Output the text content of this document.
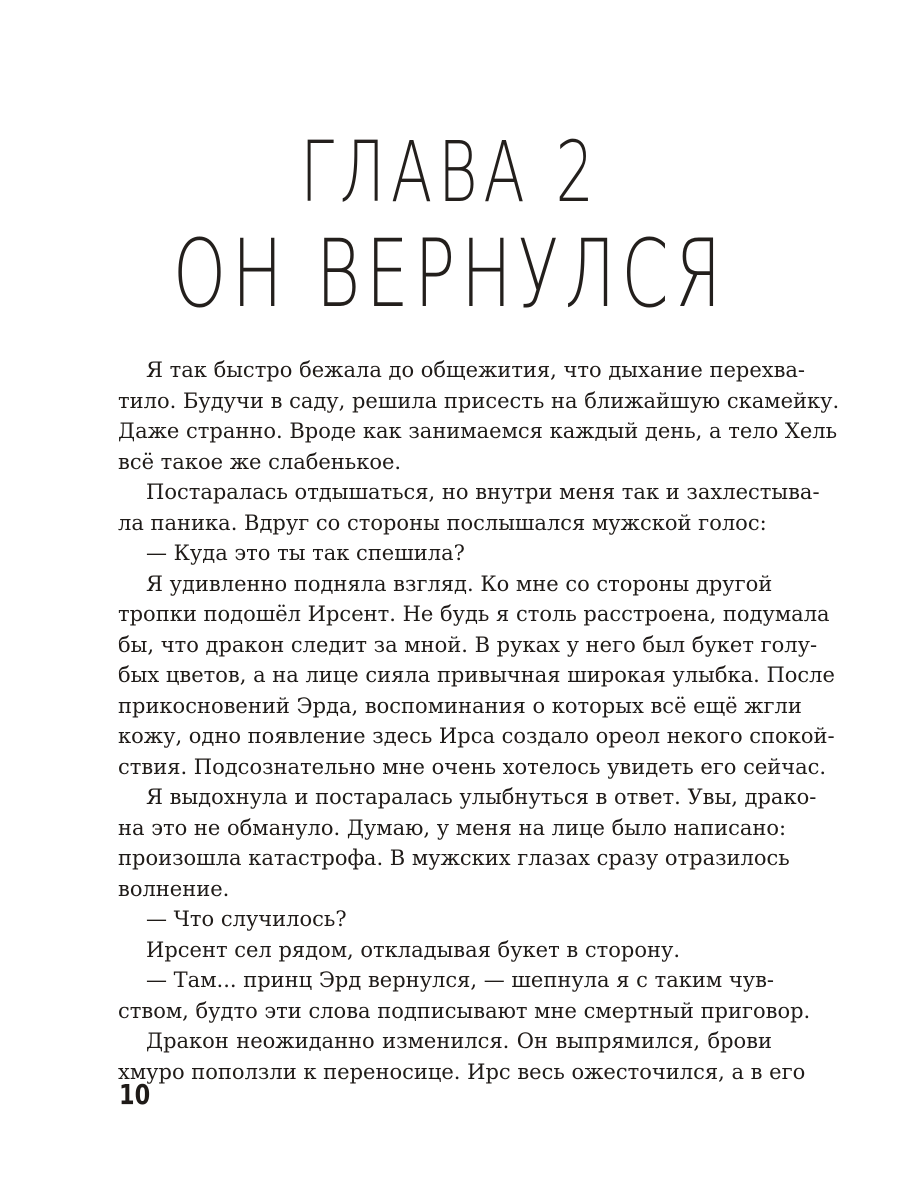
ГЛАВА 2
ОН ВЕРНУЛСЯ
Я так быстро бежала до общежития, что дыхание перехва-
тило. Будучи в саду, решила присесть на ближайшую скамейку.
Даже странно. Вроде как занимаемся каждый день, а тело Хель
всё такое же слабенькое.
Постаралась отдышаться, но внутри меня так и захлестыва-
ла паника. Вдруг со стороны послышался мужской голос:
— Куда это ты так спешила?
Я удивленно подняла взгляд. Ко мне со стороны другой
тропки подошёл Ирсент. Не будь я столь расстроена, подумала
бы, что дракон следит за мной. В руках у него был букет голу-
бых цветов, а на лице сияла привычная широкая улыбка. После
прикосновений Эрда, воспоминания о которых всё ещё жгли
кожу, одно появление здесь Ирса создало ореол некого спокой-
ствия. Подсознательно мне очень хотелось увидеть его сейчас.
Я выдохнула и постаралась улыбнуться в ответ. Увы, драко-
на это не обмануло. Думаю, у меня на лице было написано:
произошла катастрофа. В мужских глазах сразу отразилось
волнение.
— Что случилось?
Ирсент сел рядом, откладывая букет в сторону.
— Там... принц Эрд вернулся, — шепнула я с таким чув-
ством, будто эти слова подписывают мне смертный приговор.
Дракон неожиданно изменился. Он выпрямился, брови
хмуро поползли к переносице. Ирс весь ожесточился, а в его
10
